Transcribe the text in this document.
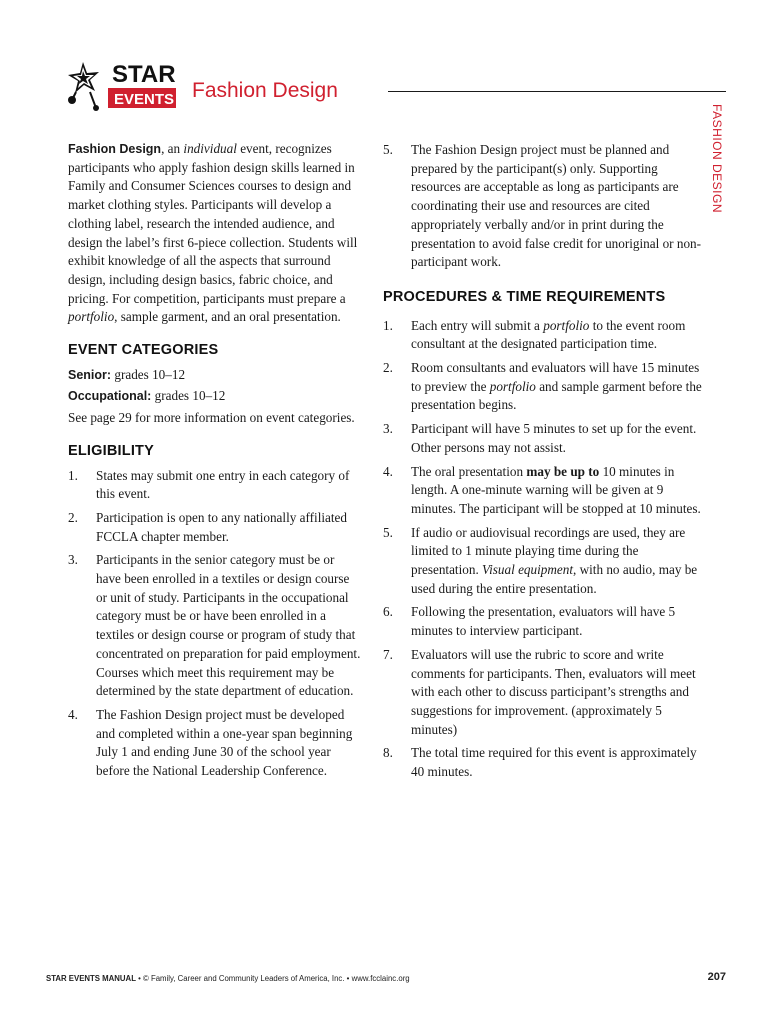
STAR
EVENTS Fashion Design
FASHION DESIGN

Fashion Design, an individual event, recognizes participants who apply fashion design skills learned in Family and Consumer Sciences courses to design and market clothing styles. Participants will develop a clothing label, research the intended audience, and design the label’s first 6-piece collection. Students will exhibit knowledge of all the aspects that surround design, including design basics, fabric choice, and pricing. For competition, participants must prepare a portfolio, sample garment, and an oral presentation.

EVENT CATEGORIES

Senior: grades 10–12

Occupational: grades 10–12

See page 29 for more information on event categories.

ELIGIBILITY
1. States may submit one entry in each category of this event.
2. Participation is open to any nationally affiliated FCCLA chapter member.
3. Participants in the senior category must be or have been enrolled in a textiles or design course or unit of study. Participants in the occupational category must be or have been enrolled in a textiles or design course or program of study that concentrated on preparation for paid employment. Courses which meet this requirement may be determined by the state department of education.
4. The Fashion Design project must be developed and completed within a one-year span beginning July 1 and ending June 30 of the school year before the National Leadership Conference.
5. The Fashion Design project must be planned and prepared by the participant(s) only. Supporting resources are acceptable as long as participants are coordinating their use and resources are cited appropriately verbally and/or in print during the presentation to avoid false credit for unoriginal or non-participant work.
PROCEDURES & TIME REQUIREMENTS
1. Each entry will submit a portfolio to the event room consultant at the designated participation time.
2. Room consultants and evaluators will have 15 minutes to preview the portfolio and sample garment before the presentation begins.
3. Participant will have 5 minutes to set up for the event. Other persons may not assist.
4. The oral presentation may be up to 10 minutes in length. A one-minute warning will be given at 9 minutes. The participant will be stopped at 10 minutes.
5. If audio or audiovisual recordings are used, they are limited to 1 minute playing time during the presentation. Visual equipment, with no audio, may be used during the entire presentation.
6. Following the presentation, evaluators will have 5 minutes to interview participant.
7. Evaluators will use the rubric to score and write comments for participants. Then, evaluators will meet with each other to discuss participant’s strengths and suggestions for improvement. (approximately 5 minutes)
8. The total time required for this event is approximately 40 minutes.
STAR EVENTS MANUAL • © Family, Career and Community Leaders of America, Inc. • www.fcclainc.org	207
